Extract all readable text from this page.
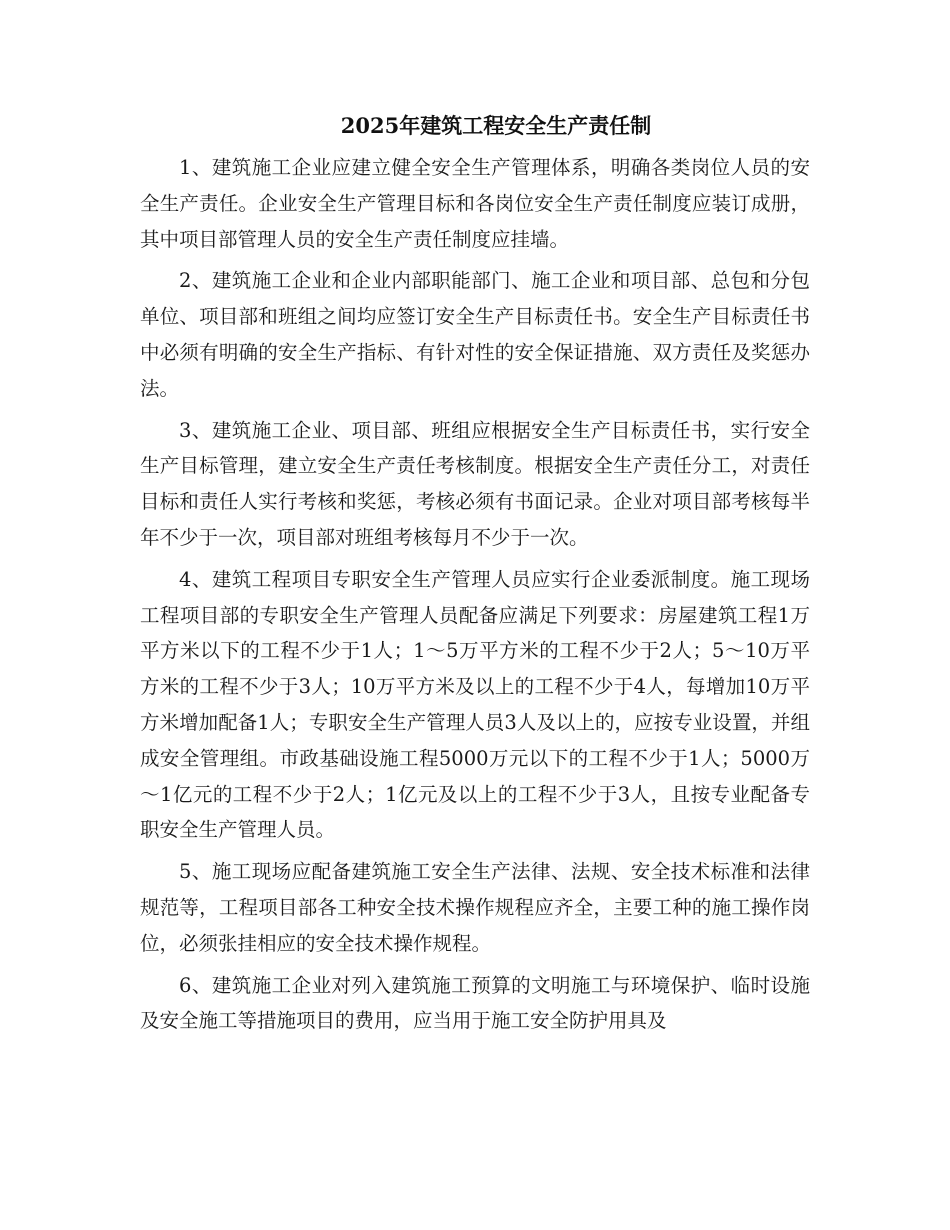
2025年建筑工程安全生产责任制

1、建筑施工企业应建立健全安全生产管理体系，明确各类岗位人员的安全生产责任。企业安全生产管理目标和各岗位安全生产责任制度应装订成册，其中项目部管理人员的安全生产责任制度应挂墙。

2、建筑施工企业和企业内部职能部门、施工企业和项目部、总包和分包单位、项目部和班组之间均应签订安全生产目标责任书。安全生产目标责任书中必须有明确的安全生产指标、有针对性的安全保证措施、双方责任及奖惩办法。

3、建筑施工企业、项目部、班组应根据安全生产目标责任书，实行安全生产目标管理，建立安全生产责任考核制度。根据安全生产责任分工，对责任目标和责任人实行考核和奖惩，考核必须有书面记录。企业对项目部考核每半年不少于一次，项目部对班组考核每月不少于一次。

4、建筑工程项目专职安全生产管理人员应实行企业委派制度。施工现场工程项目部的专职安全生产管理人员配备应满足下列要求：房屋建筑工程1万平方米以下的工程不少于1人；1～5万平方米的工程不少于2人；5～10万平方米的工程不少于3人；10万平方米及以上的工程不少于4人，每增加10万平方米增加配备1人；专职安全生产管理人员3人及以上的，应按专业设置，并组成安全管理组。市政基础设施工程5000万元以下的工程不少于1人；5000万～1亿元的工程不少于2人；1亿元及以上的工程不少于3人，且按专业配备专职安全生产管理人员。

5、施工现场应配备建筑施工安全生产法律、法规、安全技术标准和法律规范等，工程项目部各工种安全技术操作规程应齐全，主要工种的施工操作岗位，必须张挂相应的安全技术操作规程。

6、建筑施工企业对列入建筑施工预算的文明施工与环境保护、临时设施及安全施工等措施项目的费用，应当用于施工安全防护用具及
